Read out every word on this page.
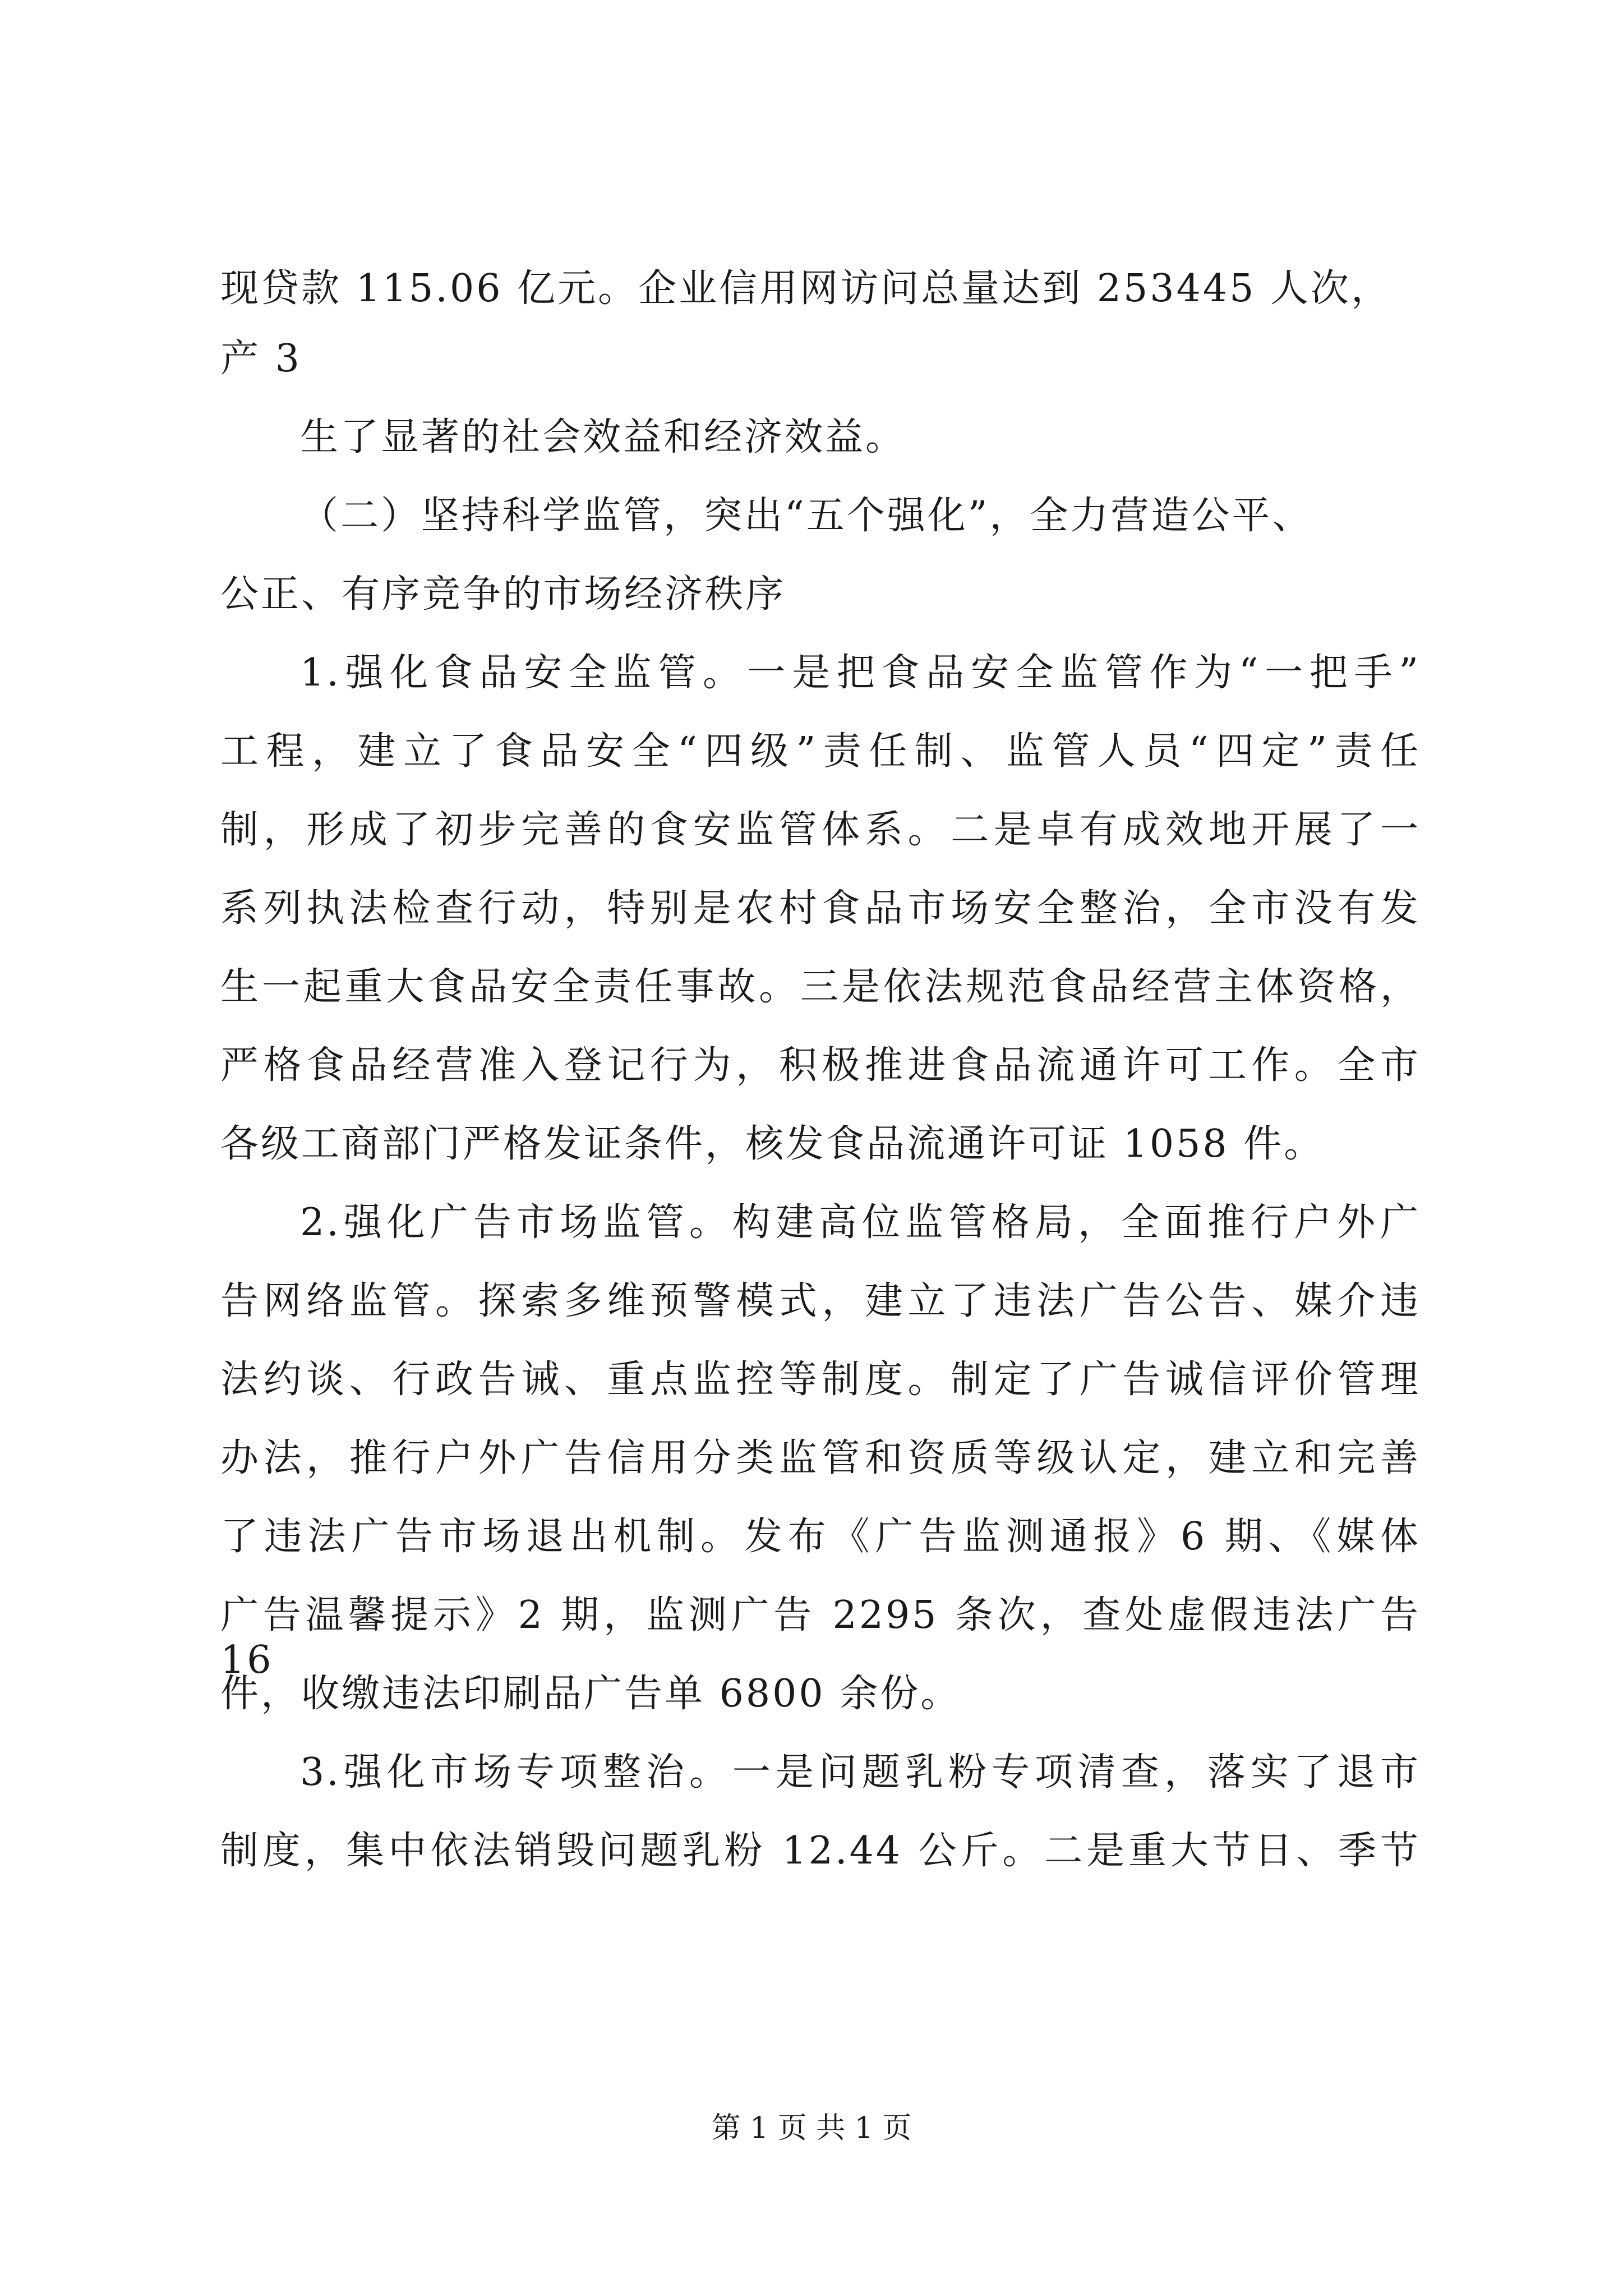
现贷款 115.06 亿元。企业信用网访问总量达到 253445 人次，
产 3
生了显著的社会效益和经济效益。
（二）坚持科学监管，突出“五个强化”，全力营造公平、
公正、有序竞争的市场经济秩序
1.强化食品安全监管。一是把食品安全监管作为“一把手”
工程，建立了食品安全“四级”责任制、监管人员“四定”责任
制，形成了初步完善的食安监管体系。二是卓有成效地开展了一
系列执法检查行动，特别是农村食品市场安全整治，全市没有发
生一起重大食品安全责任事故。三是依法规范食品经营主体资格，
严格食品经营准入登记行为，积极推进食品流通许可工作。全市
各级工商部门严格发证条件，核发食品流通许可证 1058 件。
2.强化广告市场监管。构建高位监管格局，全面推行户外广
告网络监管。探索多维预警模式，建立了违法广告公告、媒介违
法约谈、行政告诫、重点监控等制度。制定了广告诚信评价管理
办法，推行户外广告信用分类监管和资质等级认定，建立和完善
了违法广告市场退出机制。发布《广告监测通报》6 期、《媒体
广告温馨提示》2 期，监测广告 2295 条次，查处虚假违法广告 16
件，收缴违法印刷品广告单 6800 余份。
3.强化市场专项整治。一是问题乳粉专项清查，落实了退市
制度，集中依法销毁问题乳粉 12.44 公斤。二是重大节日、季节
第 1 页 共 1 页
